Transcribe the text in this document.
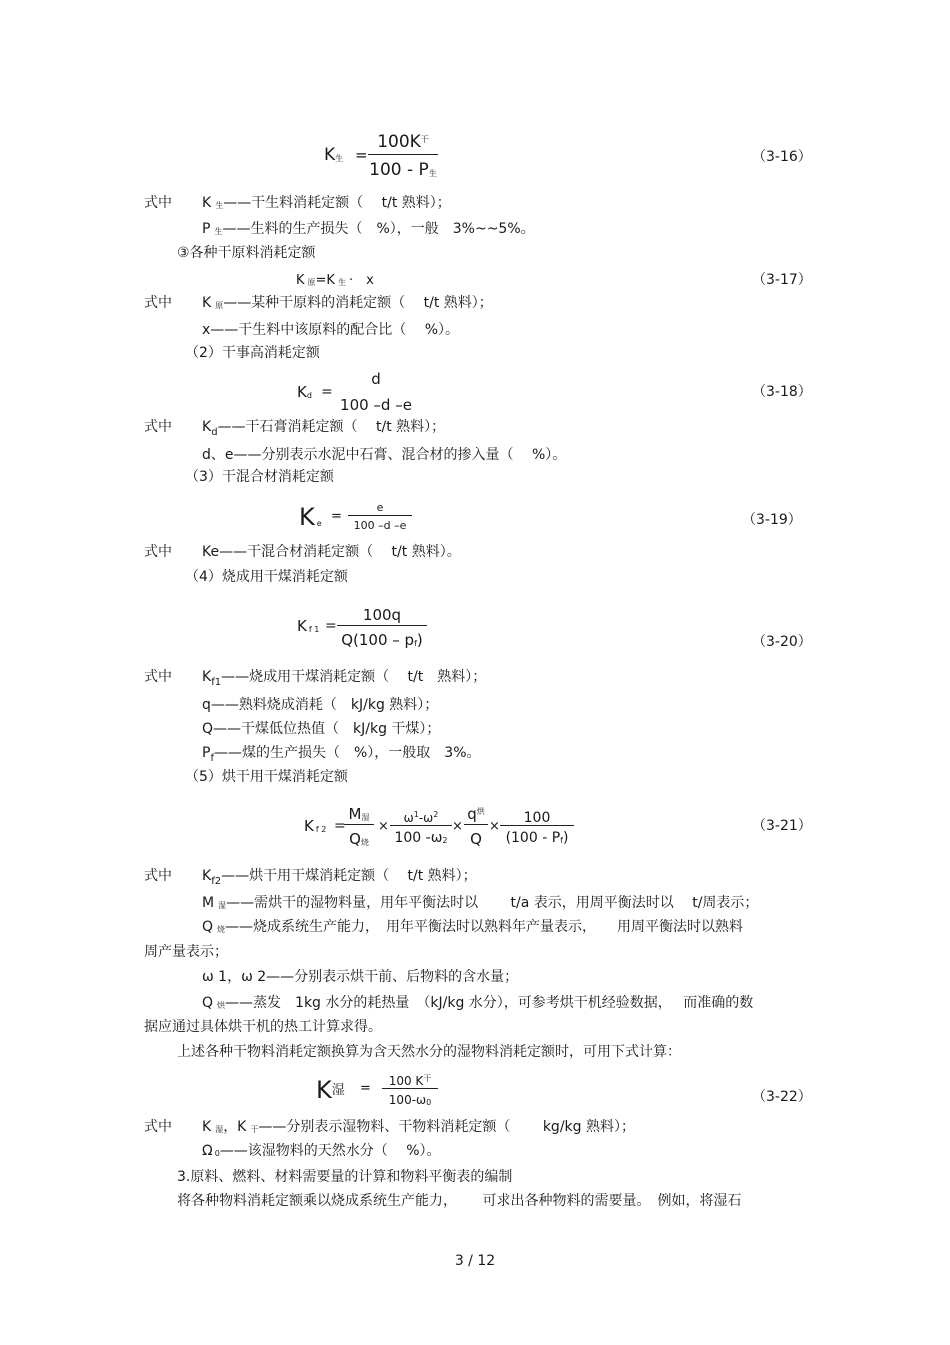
K生 =
$100K^干$
100 - P生
（3-16）
式中 K生——干生料消耗定额（　 t/t 熟料）；
P生——生料的生产损失（　%），一般　3%~~5%。
③各种干原料消耗定额
K原=K 生 ·　x	（3-17）
式中 K原——某种干原料的消耗定额（　 t/t 熟料）；
x——干生料中该原料的配合比（　 %）。
（2）干事高消耗定额
Kd =
d
100 –d –e
（3-18）
式中 $K_d——$干石膏消耗定额（　 t/t 熟料）；
d、e——分别表示水泥中石膏、混合材的掺入量（　 %）。
（3）干混合材消耗定额
Ke =
e
100 –d –e	（3-19）
式中 Ke——干混合材消耗定额（　 t/t 熟料）。
（4）烧成用干煤消耗定额
Kf 1 =
100q
Q(100 – pf)	（3-20）
式中 $K_{f1}——$烧成用干煤消耗定额（　 t/t　熟料）；
q——熟料烧成消耗（　kJ/kg 熟料）；
Q——干煤低位热值（　kJ/kg 干煤）；
$P_f——$煤的生产损失（　%），一般取　3%。
（5）烘干用干煤消耗定额
Kf 2 =
M湿
Q烧
×
$\omega^1-\omega^2$
100 -ω2
×
$q^烘$
Q
×
100
(100 - Pf)
（3-21）
式中 $K_{f2}——$烘干用干煤消耗定额（　 t/t 熟料）；
M湿——需烘干的湿物料量，用年平衡法时以　　 t/a 表示，用周平衡法时以　 t/周表示；
Q烧——烧成系统生产能力，　用年平衡法时以熟料年产量表示，　　用周平衡法时以熟料
周产量表示；
ω 1，ω 2——分别表示烘干前、后物料的含水量；
Q烘——蒸发　1kg 水分的耗热量　（kJ/kg 水分），可参考烘干机经验数据，　 而准确的数
据应通过具体烘干机的热工计算求得。
上述各种干物料消耗定额换算为含天然水分的湿物料消耗定额时，可用下式计算：
K湿 =	100 $K^干$
100-ω0	（3-22）
式中 K湿，K 干——分别表示湿物料、干物料消耗定额（　　 kg/kg 熟料）；
Ω 0——该湿物料的天然水分（　 %）。
3.原料、燃料、材料需要量的计算和物料平衡表的编制
将各种物料消耗定额乘以烧成系统生产能力，　　 可求出各种物料的需要量。　例如，将湿石
3 / 12
